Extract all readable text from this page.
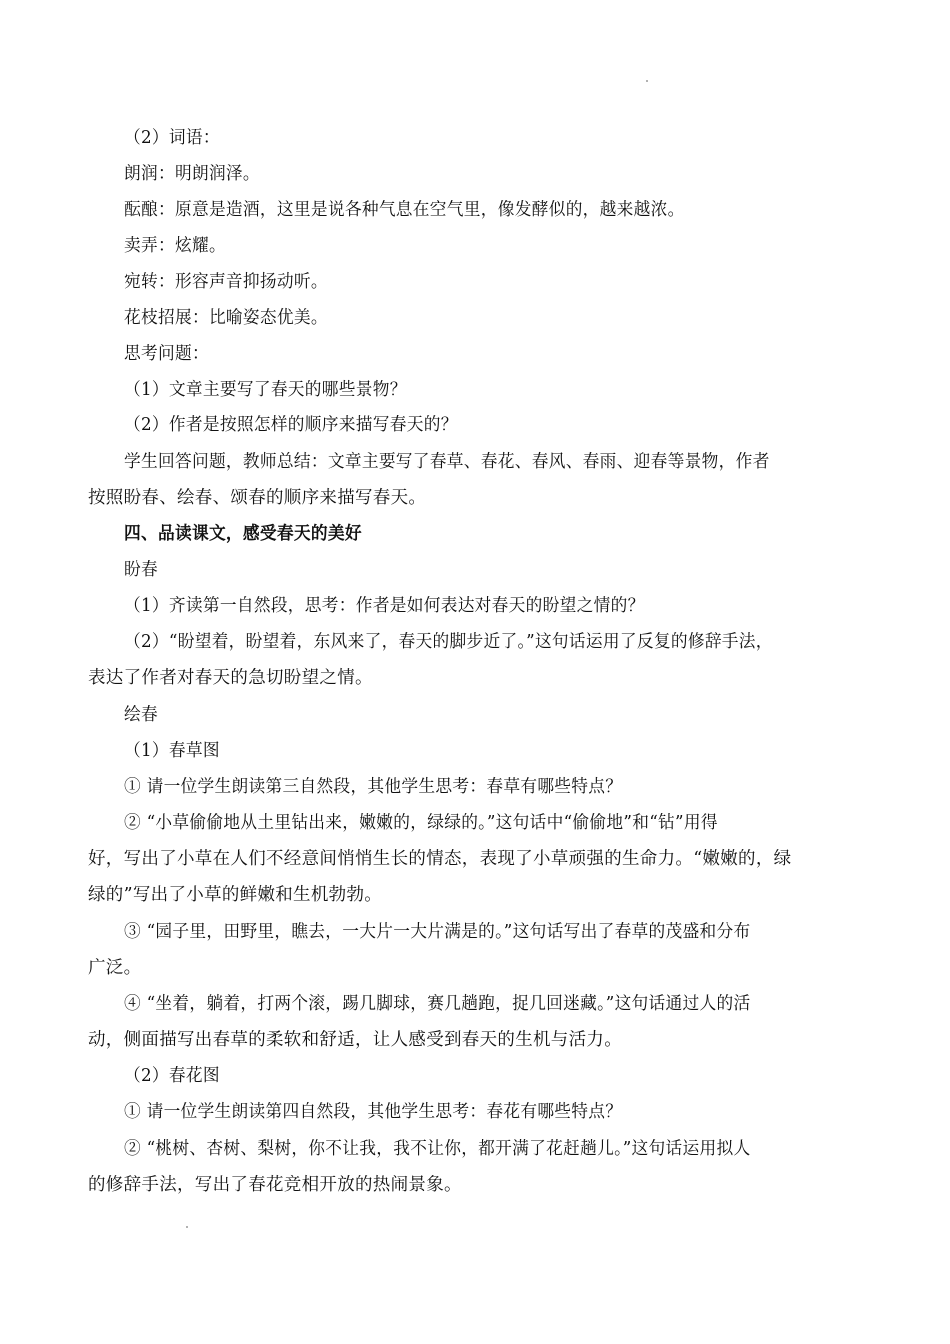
（2）词语：
朗润：明朗润泽。
酝酿：原意是造酒，这里是说各种气息在空气里，像发酵似的，越来越浓。
卖弄：炫耀。
宛转：形容声音抑扬动听。
花枝招展：比喻姿态优美。
思考问题：
（1）文章主要写了春天的哪些景物？
（2）作者是按照怎样的顺序来描写春天的？
学生回答问题，教师总结：文章主要写了春草、春花、春风、春雨、迎春等景物，作者
按照盼春、绘春、颂春的顺序来描写春天。
四、品读课文，感受春天的美好
盼春
（1）齐读第一自然段，思考：作者是如何表达对春天的盼望之情的？
（2）“盼望着，盼望着，东风来了，春天的脚步近了。”这句话运用了反复的修辞手法，
表达了作者对春天的急切盼望之情。
绘春
（1）春草图
① 请一位学生朗读第三自然段，其他学生思考：春草有哪些特点？
② “小草偷偷地从土里钻出来，嫩嫩的，绿绿的。”这句话中“偷偷地”和“钻”用得
好，写出了小草在人们不经意间悄悄生长的情态，表现了小草顽强的生命力。“嫩嫩的，绿
绿的”写出了小草的鲜嫩和生机勃勃。
③ “园子里，田野里，瞧去，一大片一大片满是的。”这句话写出了春草的茂盛和分布
广泛。
④ “坐着，躺着，打两个滚，踢几脚球，赛几趟跑，捉几回迷藏。”这句话通过人的活
动，侧面描写出春草的柔软和舒适，让人感受到春天的生机与活力。
（2）春花图
① 请一位学生朗读第四自然段，其他学生思考：春花有哪些特点？
② “桃树、杏树、梨树，你不让我，我不让你，都开满了花赶趟儿。”这句话运用拟人
的修辞手法，写出了春花竞相开放的热闹景象。
